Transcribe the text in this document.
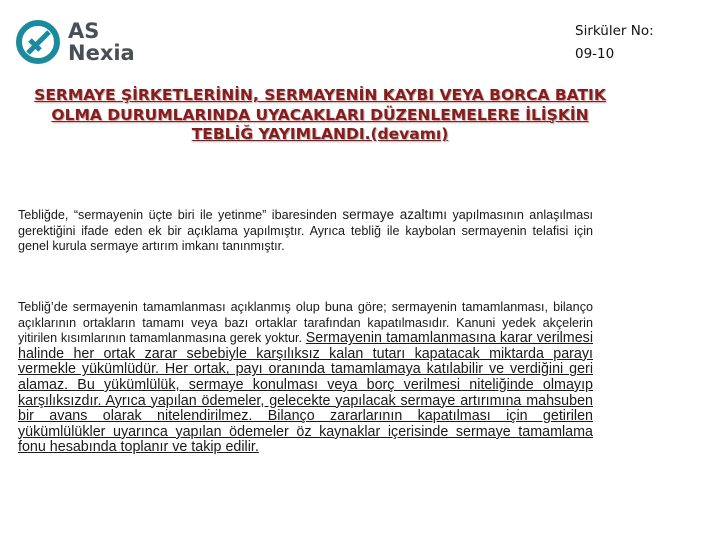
AS
Nexia
Sirküler No:
09-10
SERMAYE ŞİRKETLERİNİN, SERMAYENİN KAYBI VEYA BORCA BATIK OLMA DURUMLARINDA UYACAKLARI DÜZENLEMELERE İLİŞKİN TEBLİĞ YAYIMLANDI.(devamı)

Tebliğde, “sermayenin üçte biri ile yetinme” ibaresinden sermaye azaltımı yapılmasının anlaşılması gerektiğini ifade eden ek bir açıklama yapılmıştır. Ayrıca tebliğ ile kaybolan sermayenin telafisi için genel kurula sermaye artırım imkanı tanınmıştır.

Tebliğ’de sermayenin tamamlanması açıklanmış olup buna göre; sermayenin tamamlanması, bilanço açıklarının ortakların tamamı veya bazı ortaklar tarafından kapatılmasıdır. Kanuni yedek akçelerin yitirilen kısımlarının tamamlanmasına gerek yoktur. Sermayenin tamamlanmasına karar verilmesi halinde her ortak zarar sebebiyle karşılıksız kalan tutarı kapatacak miktarda parayı vermekle yükümlüdür. Her ortak, payı oranında tamamlamaya katılabilir ve verdiğini geri alamaz. Bu yükümlülük, sermaye konulması veya borç verilmesi niteliğinde olmayıp karşılıksızdır. Ayrıca yapılan ödemeler, gelecekte yapılacak sermaye artırımına mahsuben bir avans olarak nitelendirilmez. Bilanço zararlarının kapatılması için getirilen yükümlülükler uyarınca yapılan ödemeler öz kaynaklar içerisinde sermaye tamamlama fonu hesabında toplanır ve takip edilir.
